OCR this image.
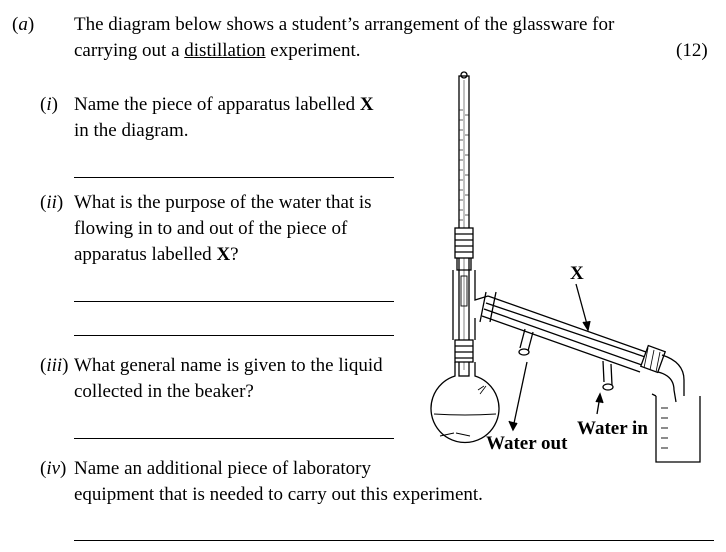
(a) The diagram below shows a student’s arrangement of the glassware for
carrying out a distillation experiment.	(12)
(i) Name the piece of apparatus labelled X
in the diagram.
(ii) What is the purpose of the water that is
flowing in to and out of the piece of
apparatus labelled X?
(iii) What general name is given to the liquid
collected in the beaker?
(iv) Name an additional piece of laboratory
equipment that is needed to carry out this experiment.
X
Water in
Water out
